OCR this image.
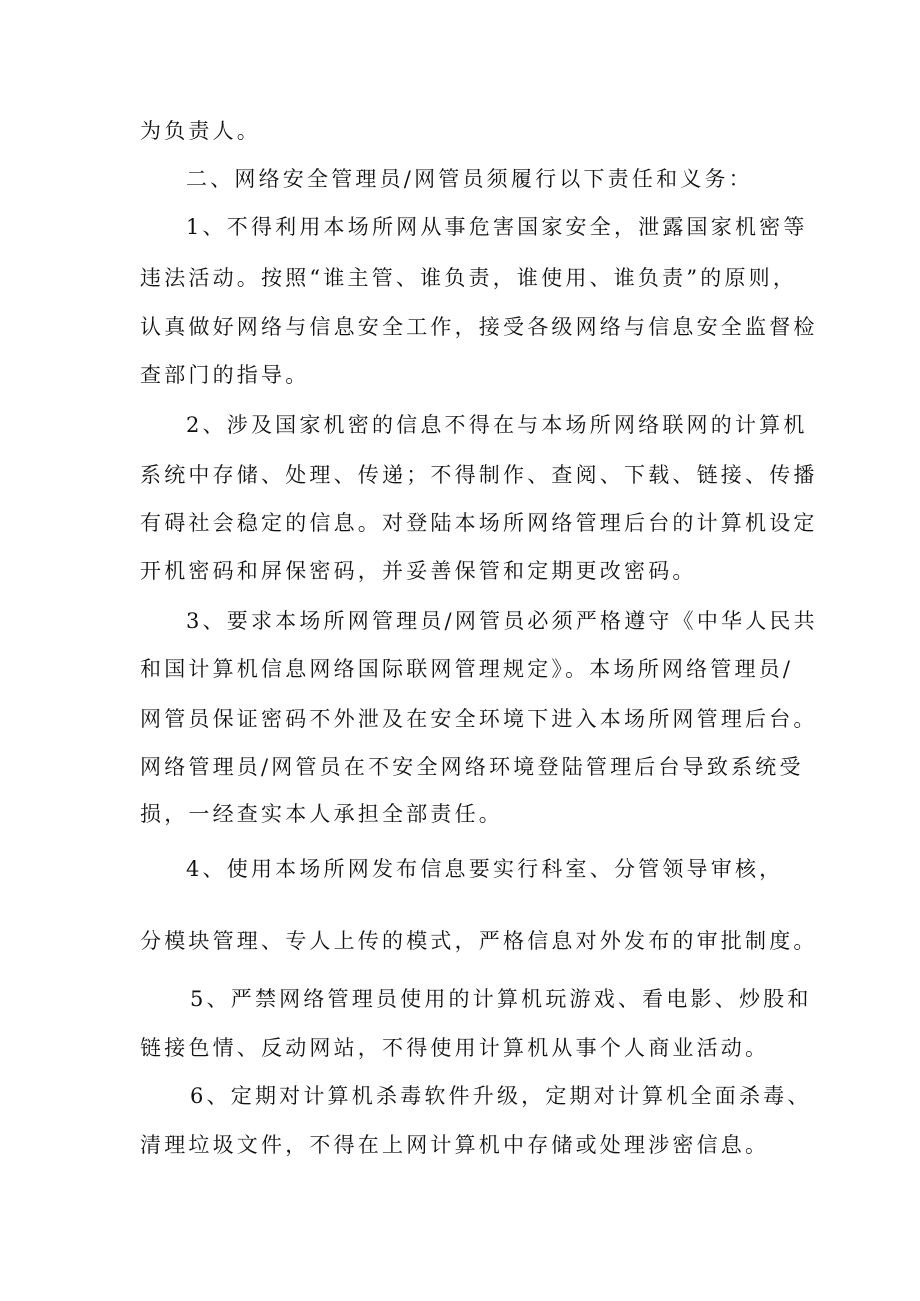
为负责人。
二、网络安全管理员/网管员须履行以下责任和义务：
1、不得利用本场所网从事危害国家安全，泄露国家机密等
违法活动。按照“谁主管、谁负责，谁使用、谁负责”的原则，
认真做好网络与信息安全工作，接受各级网络与信息安全监督检
查部门的指导。
2、涉及国家机密的信息不得在与本场所网络联网的计算机
系统中存储、处理、传递；不得制作、查阅、下载、链接、传播
有碍社会稳定的信息。对登陆本场所网络管理后台的计算机设定
开机密码和屏保密码，并妥善保管和定期更改密码。
3、要求本场所网管理员/网管员必须严格遵守《中华人民共
和国计算机信息网络国际联网管理规定》。本场所网络管理员/
网管员保证密码不外泄及在安全环境下进入本场所网管理后台。
网络管理员/网管员在不安全网络环境登陆管理后台导致系统受
损，一经查实本人承担全部责任。
4、使用本场所网发布信息要实行科室、分管领导审核，
分模块管理、专人上传的模式，严格信息对外发布的审批制度。
5、严禁网络管理员使用的计算机玩游戏、看电影、炒股和
链接色情、反动网站，不得使用计算机从事个人商业活动。
6、定期对计算机杀毒软件升级，定期对计算机全面杀毒、
清理垃圾文件，不得在上网计算机中存储或处理涉密信息。
